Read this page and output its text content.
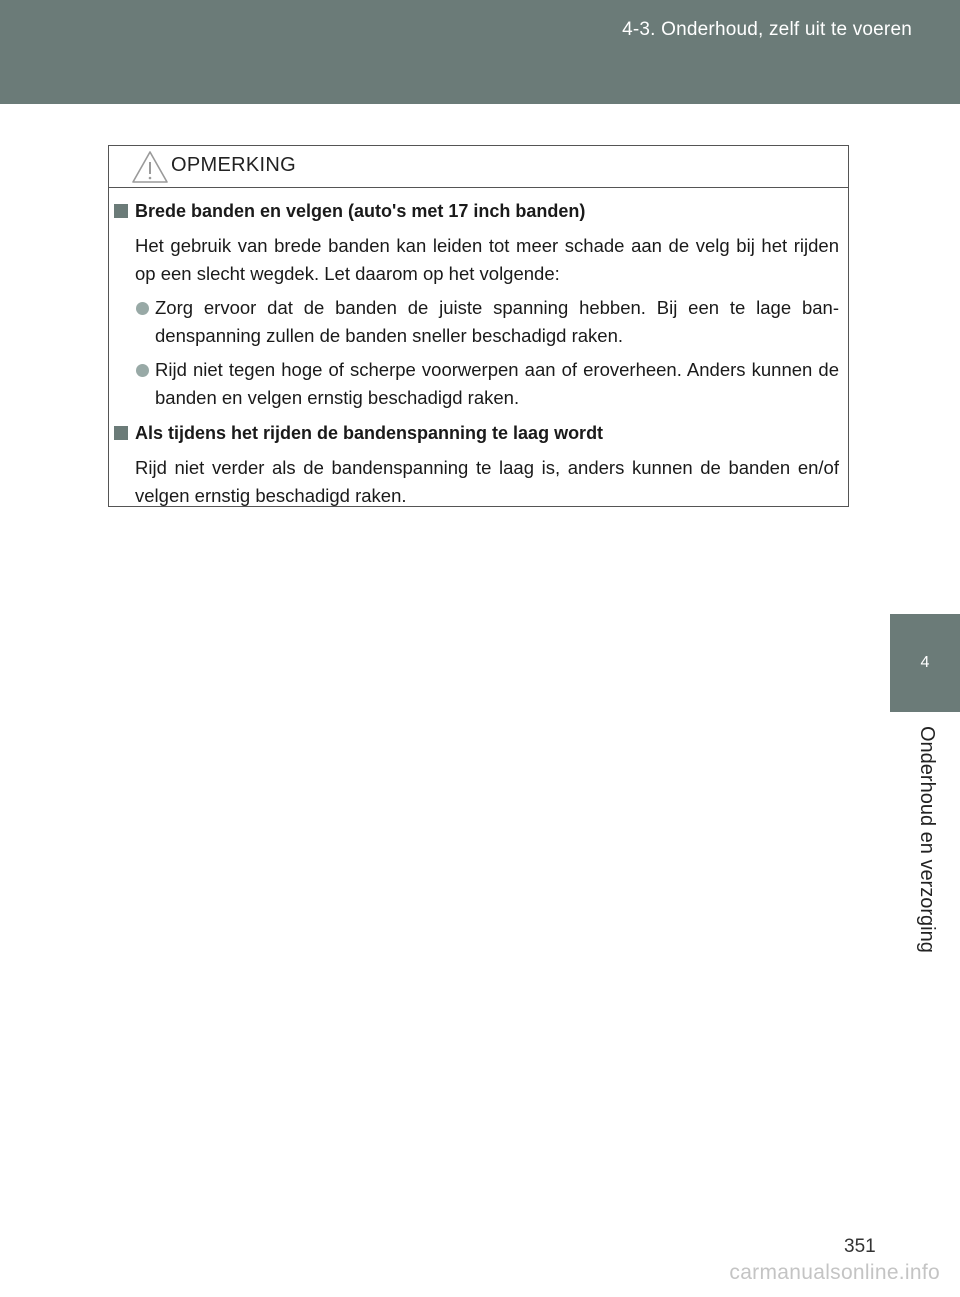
4-3. Onderhoud, zelf uit te voeren
4
Onderhoud en verzorging
OPMERKING
Brede banden en velgen (auto's met 17 inch banden)
Het gebruik van brede banden kan leiden tot meer schade aan de velg bij het rijden op een slecht wegdek. Let daarom op het volgende:
Zorg ervoor dat de banden de juiste spanning hebben. Bij een te lage ban-denspanning zullen de banden sneller beschadigd raken.
Rijd niet tegen hoge of scherpe voorwerpen aan of eroverheen. Anders kunnen de banden en velgen ernstig beschadigd raken.
Als tijdens het rijden de bandenspanning te laag wordt
Rijd niet verder als de bandenspanning te laag is, anders kunnen de banden en/of velgen ernstig beschadigd raken.
351
carmanualsonline.info
